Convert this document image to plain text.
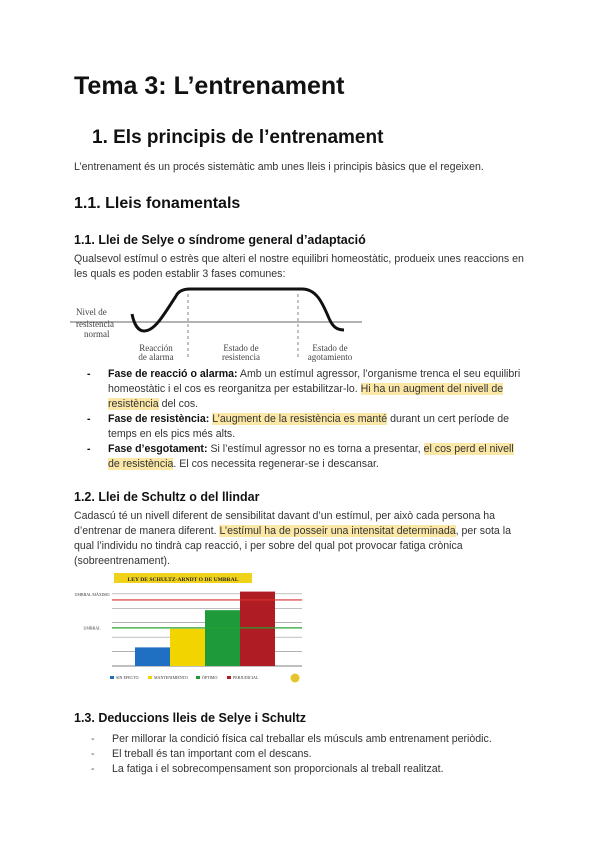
Tema 3: L’entrenament
1. Els principis de l’entrenament

L’entrenament és un procés sistemàtic amb unes lleis i principis bàsics que el regeixen.

1.1. Lleis fonamentals
1.1. Llei de Selye o síndrome general d’adaptació

Qualsevol estímul o estrès que alteri el nostre equilibri homeostàtic, produeix unes reaccions en les quals es poden establir 3 fases comunes:

Nivel de
resistencia
normal
Reacción
de alarma
Estado de
resistencia
Estado de
agotamiento
- Fase de reacció o alarma: Amb un estímul agressor, l’organisme trenca el seu equilibri homeostàtic i el cos es reorganitza per estabilitzar-lo. Hi ha un augment del nivell de resistència del cos.
- Fase de resistència: L’augment de la resistència es manté durant un cert període de temps en els pics més alts.
- Fase d’esgotament: Si l’estímul agressor no es torna a presentar, el cos perd el nivell de resistència. El cos necessita regenerar-se i descansar.
1.2. Llei de Schultz o del llindar

Cadascú té un nivell diferent de sensibilitat davant d’un estímul, per això cada persona ha d’entrenar de manera diferent. L’estímul ha de posseir una intensitat determinada, per sota la qual l’individu no tindrà cap reacció, i per sobre del qual pot provocar fatiga crònica (sobreentrenament).

LEY DE SCHULTZ-ARNDT O DE UMBRAL
UMBRAL MÁXIMO
UMBRAL
SIN EFECTO	MANTENIMIENTO	ÓPTIMO	PERJUDICIAL
1.3. Deduccions lleis de Selye i Schultz
- Per millorar la condició física cal treballar els músculs amb entrenament periòdic.
- El treball és tan important com el descans.
- La fatiga i el sobrecompensament son proporcionals al treball realitzat.
